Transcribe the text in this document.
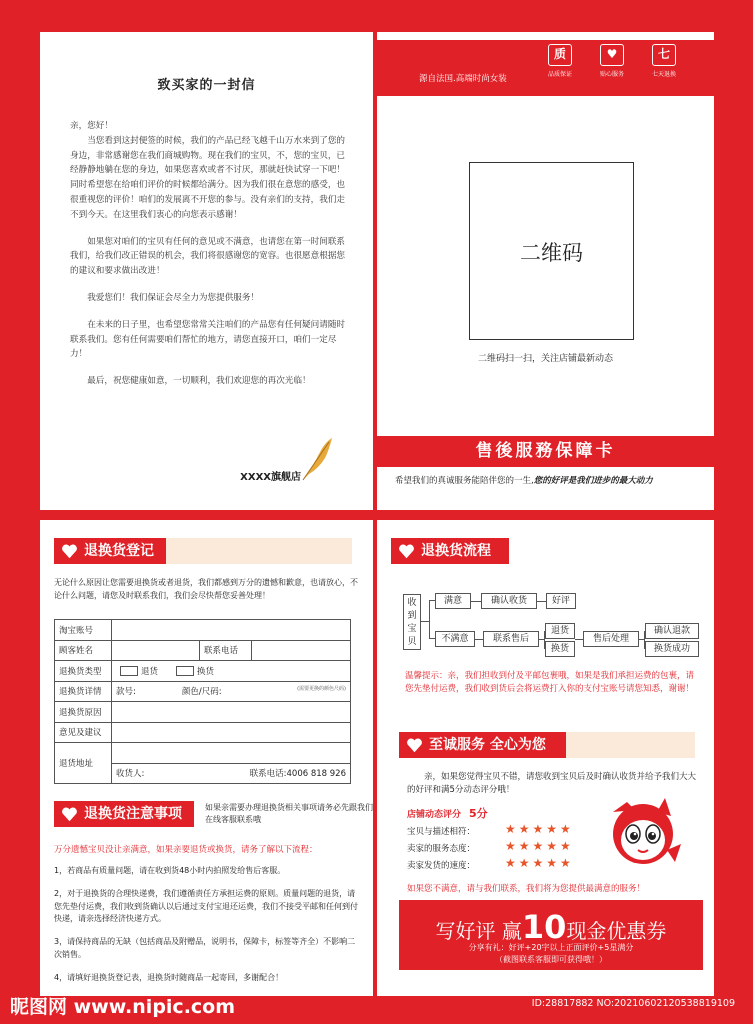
致买家的一封信

亲，您好！

当您看到这封便签的时候，我们的产品已经飞越千山万水来到了您的身边，非常感谢您在我们商城购物。现在我们的宝贝，不，您的宝贝，已经静静地躺在您的身边，如果您喜欢或者不讨厌，那就赶快试穿一下吧！同时希望您在给咱们评价的时候都给满分。因为我们很在意您的感受，也很重视您的评价！咱们的发展离不开您的参与。没有亲们的支持，我们走不到今天。在这里我们衷心的向您表示感谢！

如果您对咱们的宝贝有任何的意见或不满意，也请您在第一时间联系我们，给我们改正错误的机会，我们将很感谢您的宽容。也很愿意根据您的建议和要求做出改进！

我爱您们！我们保证会尽全力为您提供服务！

在未来的日子里，也希望您常常关注咱们的产品您有任何疑问请随时联系我们。您有任何需要咱们帮忙的地方，请您直接开口，咱们一定尽力！

最后，祝您健康如意，一切顺利，我们欢迎您的再次光临！

XXXX旗舰店
源自法国.高端时尚女装
质
品质保证
♥
贴心服务
七
七天退换
二维码
二维码扫一扫，关注店铺最新动态
售後服務保障卡
希望我们的真诚服务能陪伴您的一生,您的好评是我们进步的最大动力
退换货登记
无论什么原因让您需要退换货或者退货，我们都感到万分的遗憾和歉意，也请放心，不论什么问题，请您及时联系我们，我们会尽快帮您妥善处理！
淘宝账号			
顾客姓名		联系电话	
退换货类型	退货 换货		
退换货详情	款号: 颜色/尺码: (需要更换的颜色尺码)		

退换货原因			
意见及建议			
退货地址			
	收货人: 联系电话:4006 818 926		
退换货注意事项	如果亲需要办理退换货相关事项请务必先跟我们在线客服联系哦
万分遗憾宝贝没让亲满意，如果亲要退货或换货，请务了解以下流程：

1，若商品有质量问题，请在收到货48小时内拍照发给售后客服。

2，对于退换货的合理快递费，我们遵循责任方承担运费的原则。质量问题的退货，请您先垫付运费，我们收到货确认以后通过支付宝退还运费，我们不接受平邮和任何到付快递，请亲选择经济快递方式。

3，请保持商品的无缺（包括商品及附赠品，说明书，保障卡，标签等齐全）不影响二次销售。

4，请填好退换货登记表，退换货时随商品一起寄回，多谢配合！

退换货流程
收到宝贝
满意	确认收货	好评
不满意	联系售后
退货
换货
售后处理
确认退款
换货成功
温馨提示：亲，我们担收到付及平邮包裹哦，如果是我们承担运费的包裹，请您先垫付运费，我们收到货后会将运费打入你的支付宝账号请您知悉，谢谢！
至诚服务 全心为您
亲，如果您觉得宝贝不错，请您收到宝贝后及时确认收货并给予我们大大的好评和满5分动态评分哦！
店铺动态评分 5分
宝贝与描述相符： ★★★★★
卖家的服务态度： ★★★★★
卖家发货的速度： ★★★★★
如果您不满意，请与我们联系，我们将为您提供最满意的服务！
写好评 赢10现金优惠券
分享有礼：好评+20字以上正面评价+5星满分
（截图联系客服即可获得哦！）
昵图网 www.nipic.com	ID:28817882 NO:20210602120538819109
